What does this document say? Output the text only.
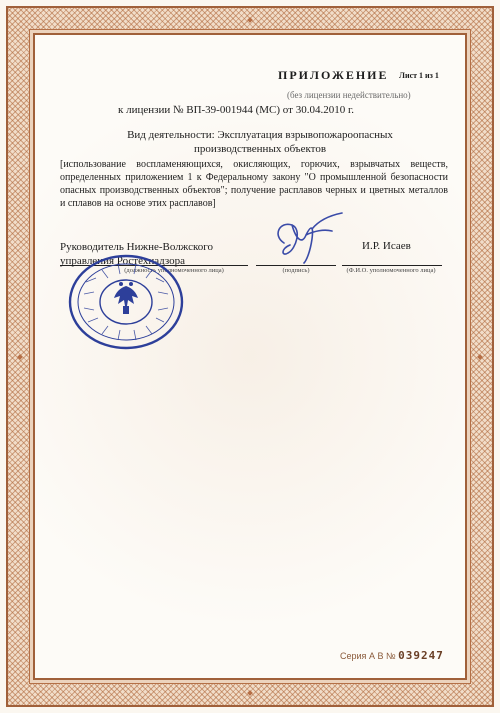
ПРИЛОЖЕНИЕ Лист 1 из 1
(без лицензии недействительно)
к лицензии № ВП-39-001944 (МС) от 30.04.2010 г.
Вид деятельности: Эксплуатация взрывопожароопасных
производственных объектов
[использование воспламеняющихся, окисляющих, горючих, взрывчатых веществ, определенных приложением 1 к Федеральному закону "О промышленной безопасности опасных производственных объектов"; получение расплавов черных и цветных металлов и сплавов на основе этих расплавов]
Руководитель Нижне-Волжского
управления Ростехнадзора
(должность уполномоченного лица)	(подпись)
И.Р. Исаев
(Ф.И.О. уполномоченного лица)
Серия А В № 039247
